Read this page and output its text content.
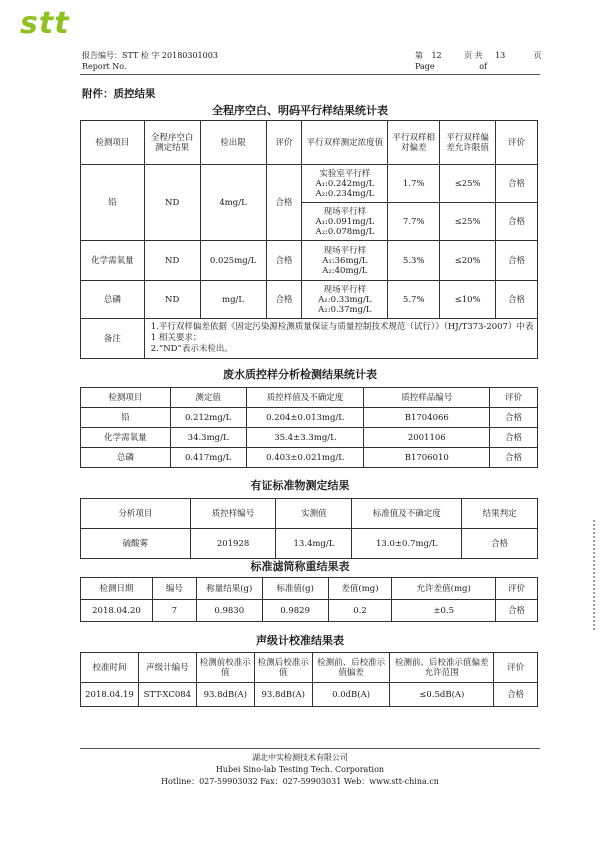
stt
报告编号：STT 检 字 20180301003
Report No.
第 12	页 共 13	页
Page	of
附件：质控结果
全程序空白、明码平行样结果统计表
检测项目	全程序空白测定结果	检出限	评价	平行双样测定浓度值	平行双样相对偏差	平行双样偏差允许限值	评价
铅	ND	4mg/L	合格	实验室平行样 A₁:0.242mg/L A₂:0.234mg/L	1.7%	≤25%	合格
				现场平行样 A₁:0.091mg/L A₂:0.078mg/L	7.7%	≤25%	合格
化学需氧量	ND	0.025mg/L	合格	现场平行样 A₁:36mg/L A₂:40mg/L	5.3%	≤20%	合格
总磷	ND	mg/L	合格	现场平行样 A₁:0.33mg/L A₂:0.37mg/L	5.7%	≤10%	合格
备注	1.平行双样偏差依据《固定污染源检测质量保证与质量控制技术规范（试行）》（HJ/T373-2007）中表 1 相关要求；
2.“ND”表示未检出。						
废水质控样分析检测结果统计表
检测项目	测定值	质控样值及不确定度	质控样品编号	评价
铅	0.212mg/L	0.204±0.013mg/L	B1704066	合格
化学需氧量	34.3mg/L	35.4±3.3mg/L	2001106	合格
总磷	0.417mg/L	0.403±0.021mg/L	B1706010	合格
有证标准物测定结果
分析项目	质控样编号	实测值	标准值及不确定度	结果判定
硫酸雾	201928	13.4mg/L	13.0±0.7mg/L	合格
标准滤筒称重结果表
检测日期	编号	称量结果(g)	标准值(g)	差值(mg)	允许差值(mg)	评价
2018.04.20	7	0.9830	0.9829	0.2	±0.5	合格
声级计校准结果表
校准时间	声级计编号	检测前校准示值	检测后校准示值	检测前、后校准示值偏差	检测前、后校准示值偏差允许范围	评价
2018.04.19	STT-XC084	93.8dB(A)	93.8dB(A)	0.0dB(A)	≤0.5dB(A)	合格
湖北中实检测技术有限公司
Hubei Sino-lab Testing Tech. Corporation
Hotline：027-59903032 Fax：027-59903031 Web：www.stt-china.cn
